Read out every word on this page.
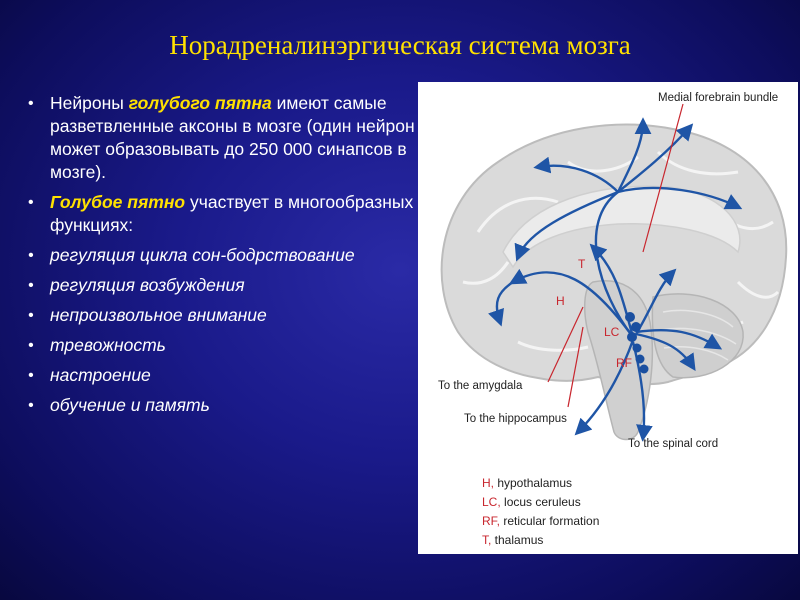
Норадреналинэргическая система мозга
• Нейроны голубого пятна имеют самые разветвленные аксоны в мозге (один нейрон может образовывать до 250 000 синапсов в мозге).
• Голубое пятно участвует в многообразных функциях:
• регуляция цикла сон-бодрствование
• регуляция возбуждения
• непроизвольное внимание
• тревожность
• настроение
• обучение и память
Medial forebrain bundle
To the amygdala
To the hippocampus
To the spinal cord
T
H
LC
RF
H, hypothalamus
LC, locus ceruleus
RF, reticular formation
T, thalamus
